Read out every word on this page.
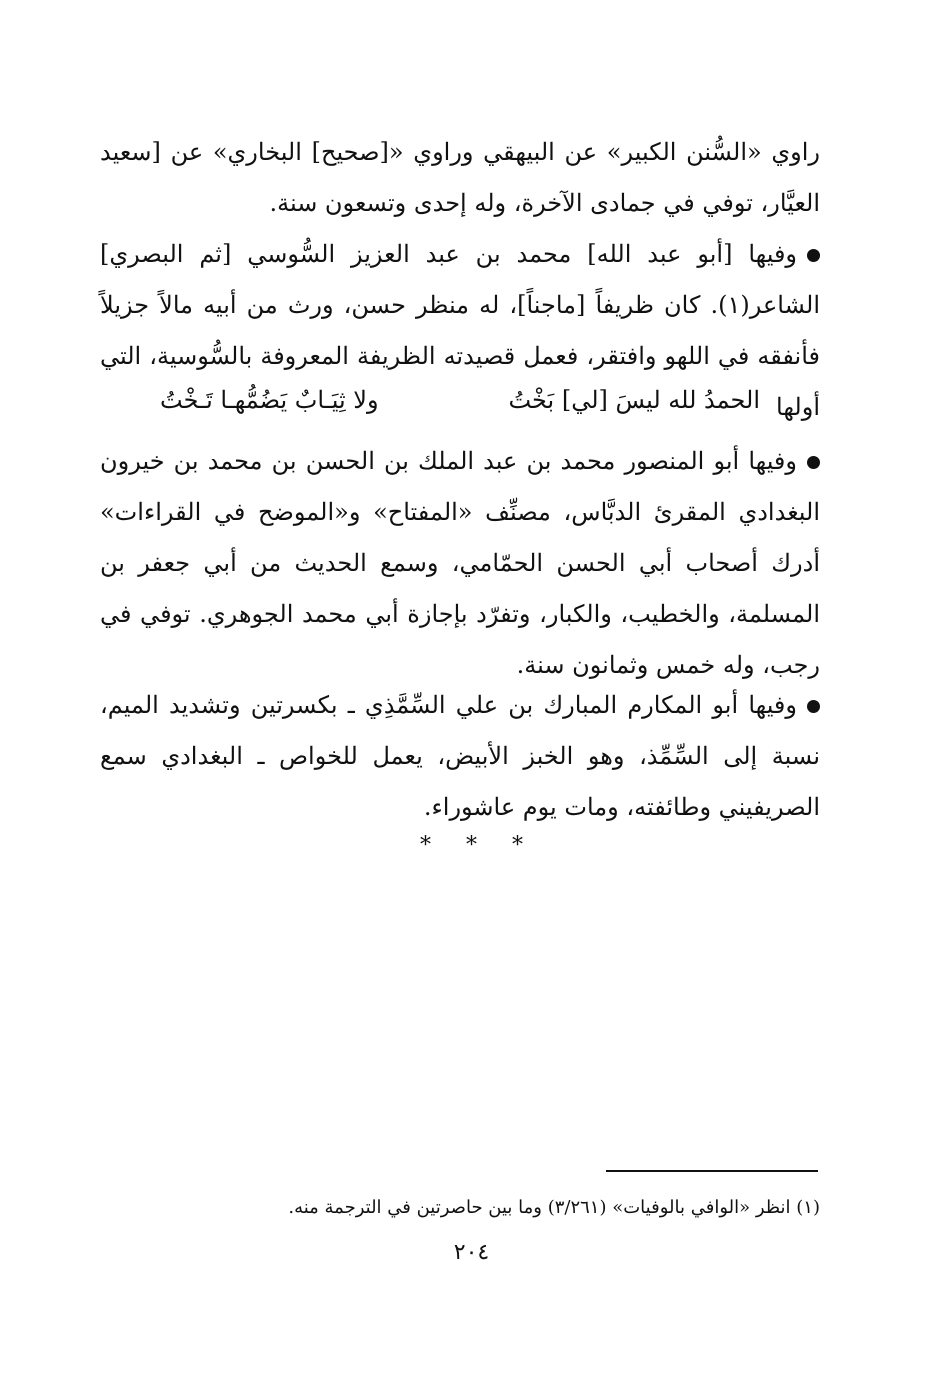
راوي «السُّنن الكبير» عن البيهقي وراوي «[صحيح] البخاري» عن [سعيد العيَّار، توفي في جمادى الآخرة، وله إحدى وتسعون سنة.

وفيها [أبو عبد الله] محمد بن عبد العزيز السُّوسي [ثم البصري] الشاعر(١). كان ظريفاً [ماجناً]، له منظر حسن، ورث من أبيه مالاً جزيلاً فأنفقه في اللهو وافتقر، فعمل قصيدته الظريفة المعروفة بالسُّوسية، التي أولها

الحمدُ لله ليسَ [لي] بَخْتُ
ولا ثِيَـابٌ يَضُمُّهـا تَـخْتُ

وفيها أبو المنصور محمد بن عبد الملك بن الحسن بن محمد بن خيرون البغدادي المقرئ الدبَّاس، مصنِّف «المفتاح» و«الموضح في القراءات» أدرك أصحاب أبي الحسن الحمّامي، وسمع الحديث من أبي جعفر بن المسلمة، والخطيب، والكبار، وتفرّد بإجازة أبي محمد الجوهري. توفي في رجب، وله خمس وثمانون سنة.

وفيها أبو المكارم المبارك بن علي السِّمَّذِي ـ بكسرتين وتشديد الميم، نسبة إلى السِّمِّذ، وهو الخبز الأبيض، يعمل للخواص ـ البغدادي سمع الصريفيني وطائفته، ومات يوم عاشوراء.

* * *
(١) انظر «الوافي بالوفيات» (٣/٢٦١) وما بين حاصرتين في الترجمة منه.
٢٠٤
